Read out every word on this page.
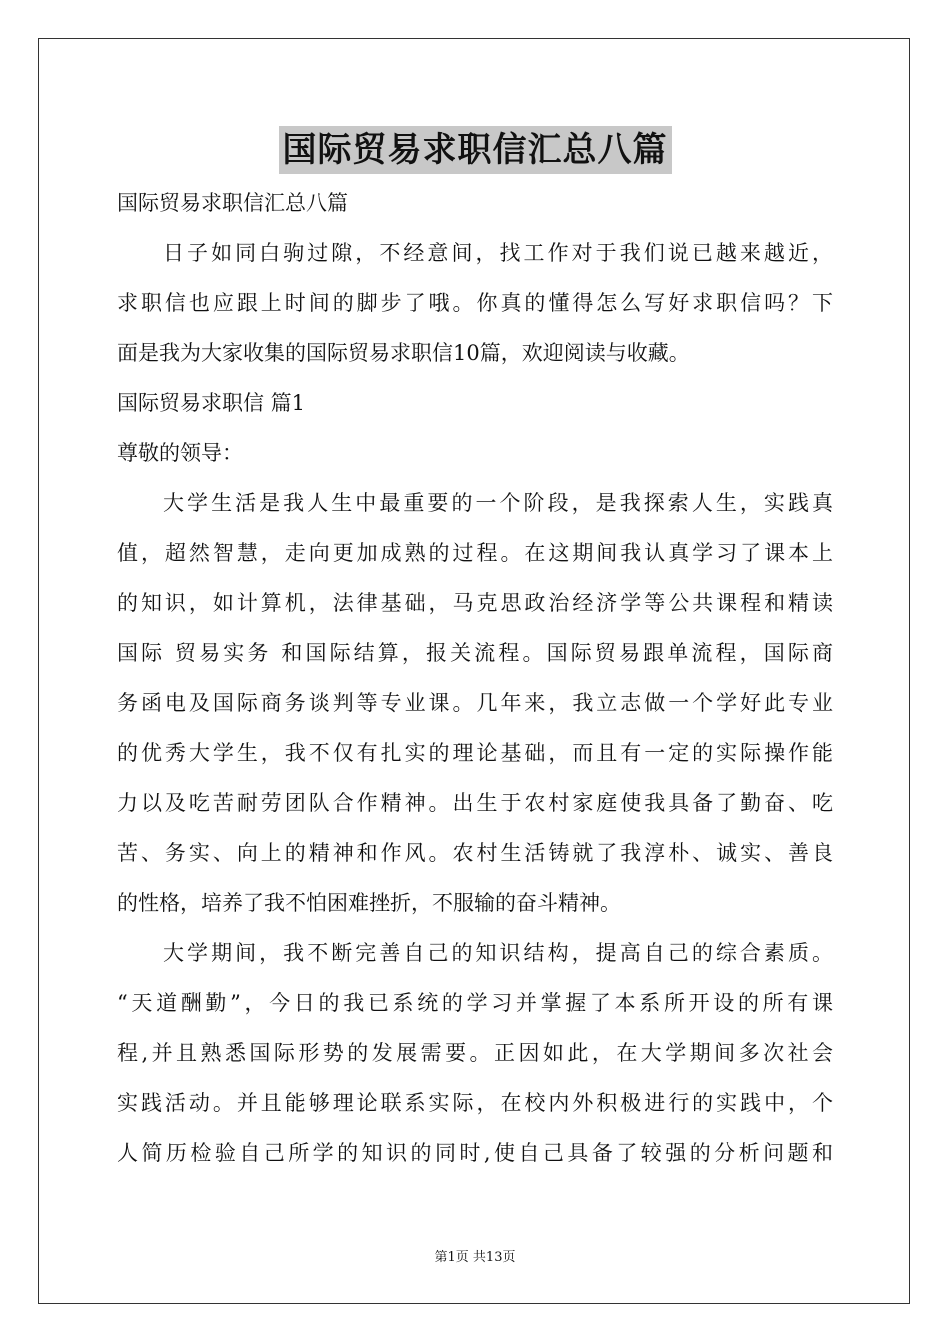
国际贸易求职信汇总八篇
国际贸易求职信汇总八篇
日子如同白驹过隙，不经意间，找工作对于我们说已越来越近，
求职信也应跟上时间的脚步了哦。你真的懂得怎么写好求职信吗？下
面是我为大家收集的国际贸易求职信10篇，欢迎阅读与收藏。
国际贸易求职信 篇1
尊敬的领导：
大学生活是我人生中最重要的一个阶段，是我探索人生，实践真
值，超然智慧，走向更加成熟的过程。在这期间我认真学习了课本上
的知识，如计算机，法律基础，马克思政治经济学等公共课程和精读
国际 贸易实务 和国际结算，报关流程。国际贸易跟单流程，国际商
务函电及国际商务谈判等专业课。几年来，我立志做一个学好此专业
的优秀大学生，我不仅有扎实的理论基础，而且有一定的实际操作能
力以及吃苦耐劳团队合作精神。出生于农村家庭使我具备了勤奋、吃
苦、务实、向上的精神和作风。农村生活铸就了我淳朴、诚实、善良
的性格，培养了我不怕困难挫折，不服输的奋斗精神。
大学期间，我不断完善自己的知识结构，提高自己的综合素质。
“天道酬勤”，今日的我已系统的学习并掌握了本系所开设的所有课
程,并且熟悉国际形势的发展需要。正因如此，在大学期间多次社会
实践活动。并且能够理论联系实际，在校内外积极进行的实践中，个
人简历检验自己所学的知识的同时,使自己具备了较强的分析问题和
第1页 共13页
